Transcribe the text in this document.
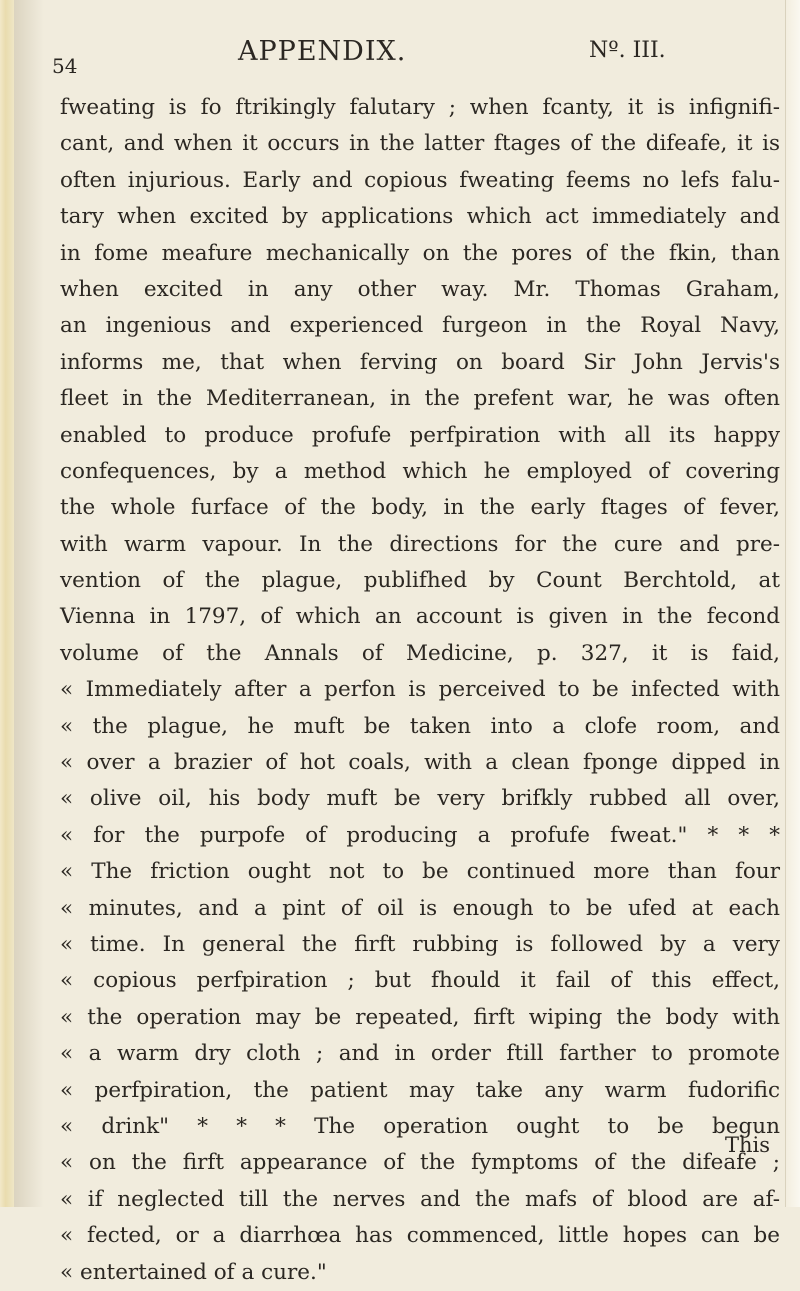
54	APPENDIX.	Nº. III.
fweating is fo ftrikingly falutary ; when fcanty, it is infignifi-
cant, and when it occurs in the latter ftages of the difeafe, it is
often injurious. Early and copious fweating feems no lefs falu-
tary when excited by applications which act immediately and
in fome meafure mechanically on the pores of the fkin, than
when excited in any other way. Mr. Thomas Graham,
an ingenious and experienced furgeon in the Royal Navy,
informs me, that when ferving on board Sir John Jervis's
fleet in the Mediterranean, in the prefent war, he was often
enabled to produce profufe perfpiration with all its happy
confequences, by a method which he employed of covering
the whole furface of the body, in the early ftages of fever,
with warm vapour. In the directions for the cure and pre-
vention of the plague, publifhed by Count Berchtold, at
Vienna in 1797, of which an account is given in the fecond
volume of the Annals of Medicine, p. 327, it is faid,
« Immediately after a perfon is perceived to be infected with
« the plague, he muft be taken into a clofe room, and
« over a brazier of hot coals, with a clean fponge dipped in
« olive oil, his body muft be very brifkly rubbed all over,
« for the purpofe of producing a profufe fweat." * * *
« The friction ought not to be continued more than four
« minutes, and a pint of oil is enough to be ufed at each
« time. In general the firft rubbing is followed by a very
« copious perfpiration ; but fhould it fail of this effect,
« the operation may be repeated, firft wiping the body with
« a warm dry cloth ; and in order ftill farther to promote
« perfpiration, the patient may take any warm fudorific
« drink" * * * The operation ought to be begun
« on the firft appearance of the fymptoms of the difeafe ;
« if neglected till the nerves and the mafs of blood are af-
« fected, or a diarrhœa has commenced, little hopes can be
« entertained of a cure."
This
